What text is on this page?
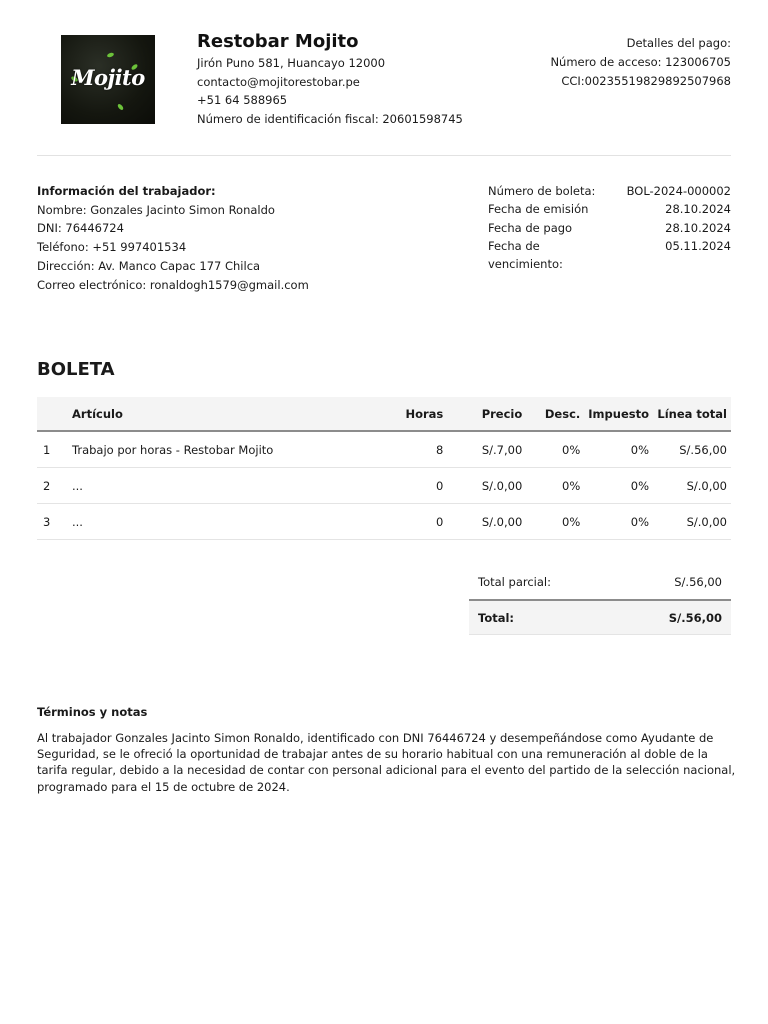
Mojito
Restobar Mojito
Jirón Puno 581, Huancayo 12000
contacto@mojitorestobar.pe
+51 64 588965
Número de identificación fiscal: 20601598745
Detalles del pago:
Número de acceso: 123006705
CCI:00235519829892507968
Información del trabajador:
Nombre: Gonzales Jacinto Simon Ronaldo
DNI: 76446724
Teléfono: +51 997401534
Dirección: Av. Manco Capac 177 Chilca
Correo electrónico: ronaldogh1579@gmail.com
Número de boleta:	BOL-2024-000002
Fecha de emisión	28.10.2024
Fecha de pago	28.10.2024
Fecha de vencimiento:
05.11.2024
BOLETA
	Artículo	Horas	Precio	Desc.	Impuesto	Línea total
1	Trabajo por horas - Restobar Mojito	8	S/.7,00	0%	0%	S/.56,00
2	...	0	S/.0,00	0%	0%	S/.0,00
3	...	0	S/.0,00	0%	0%	S/.0,00
Total parcial:	S/.56,00
Total:	S/.56,00
Términos y notas
Al trabajador Gonzales Jacinto Simon Ronaldo, identificado con DNI 76446724 y desempeñándose como Ayudante de Seguridad, se le ofreció la oportunidad de trabajar antes de su horario habitual con una remuneración al doble de la tarifa regular, debido a la necesidad de contar con personal adicional para el evento del partido de la selección nacional, programado para el 15 de octubre de 2024.
